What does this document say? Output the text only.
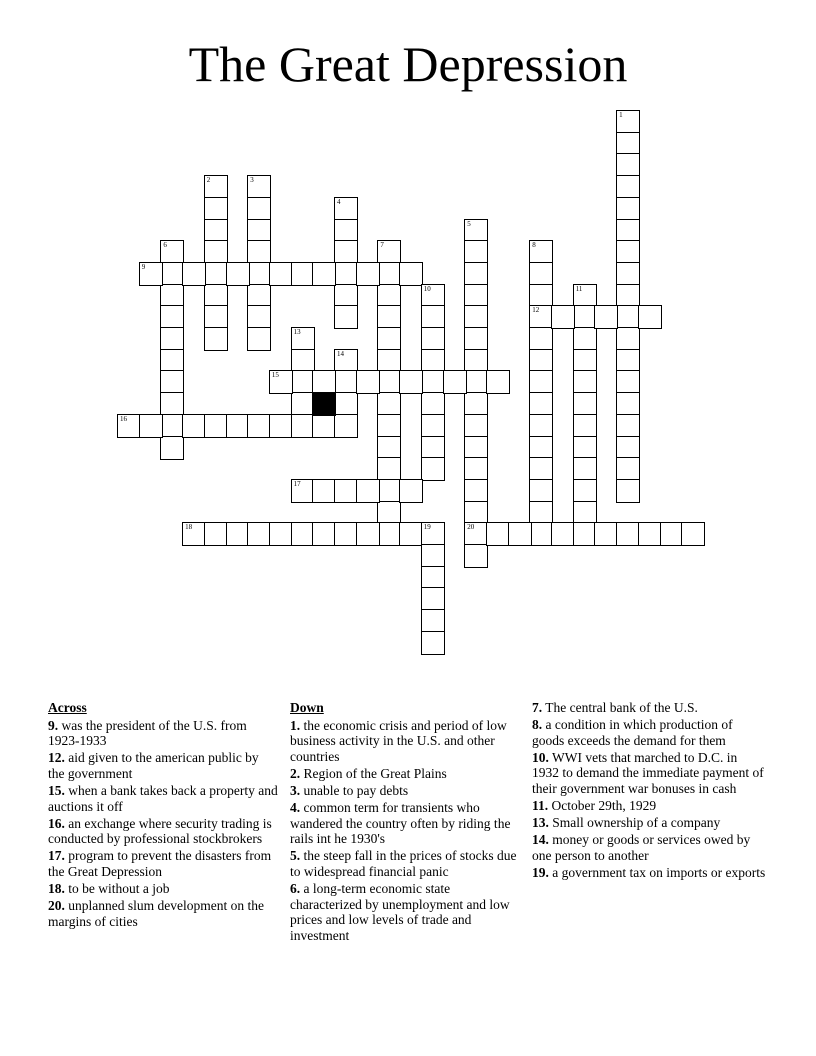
The Great Depression
1
2	3
4
5
20
6	7	8
12
9
10	11
13
14
15
16
17
18	19
Across
9. was the president of the U.S. from 1923-1933
12. aid given to the american public by the government
15. when a bank takes back a property and auctions it off
16. an exchange where security trading is conducted by professional stockbrokers
17. program to prevent the disasters from the Great Depression
18. to be without a job
20. unplanned slum development on the margins of cities
Down
1. the economic crisis and period of low business activity in the U.S. and other countries
2. Region of the Great Plains
3. unable to pay debts
4. common term for transients who wandered the country often by riding the rails int he 1930's
5. the steep fall in the prices of stocks due to widespread financial panic
6. a long-term economic state characterized by unemployment and low prices and low levels of trade and investment
7. The central bank of the U.S.
8. a condition in which production of goods exceeds the demand for them
10. WWI vets that marched to D.C. in 1932 to demand the immediate payment of their government war bonuses in cash
11. October 29th, 1929
13. Small ownership of a company
14. money or goods or services owed by one person to another
19. a government tax on imports or exports
